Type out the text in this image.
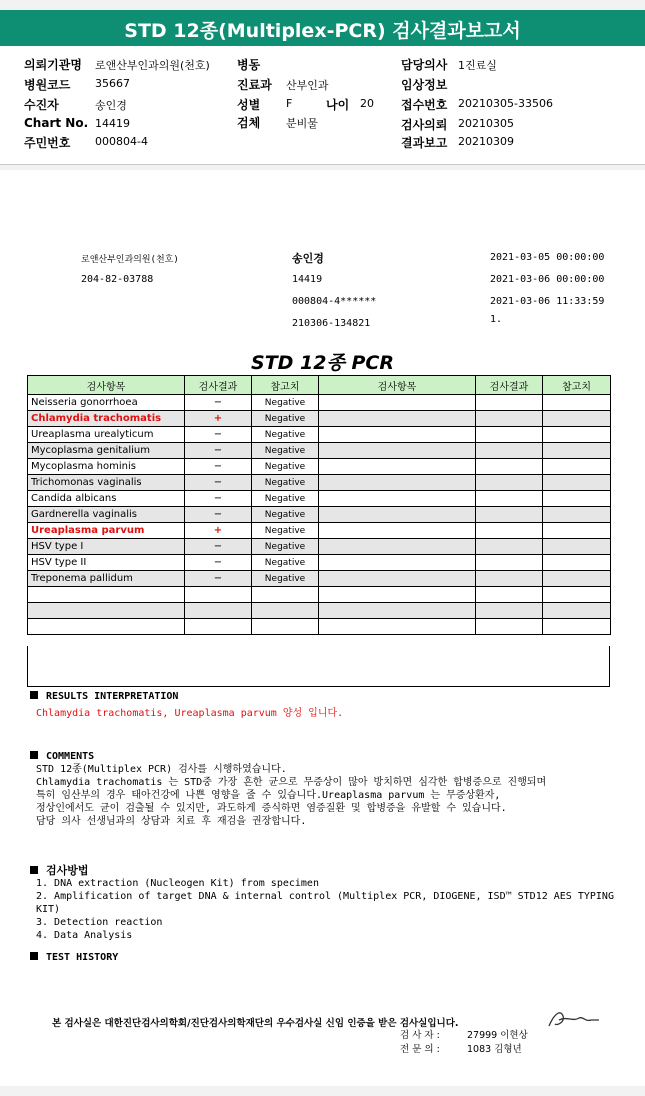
STD 12종(Multiplex-PCR) 검사결과보고서
의뢰기관명 로앤산부인과의원(천호) 병동	담당의사 1진료실
병원코드 35667	진료과 산부인과	임상정보
수진자	송인경	성별 F	나이 20 접수번호 20210305-33506
Chart No. 14419	검체 분비물	검사의뢰 20210305
주민번호 000804-4	결과보고 20210309
로앤산부인과의원(천호)
204-82-03788
송인경
14419
000804-4******
210306-134821
2021-03-05 00:00:00
2021-03-06 00:00:00
2021-03-06 11:33:59
1.
STD 12종 PCR
검사항목	검사결과	참고치	검사항목	검사결과	참고치
Neisseria gonorrhoea	−	Negative			
Chlamydia trachomatis	+	Negative			
Ureaplasma urealyticum	−	Negative			
Mycoplasma genitalium	−	Negative			
Mycoplasma hominis	−	Negative			
Trichomonas vaginalis	−	Negative			
Candida albicans	−	Negative			
Gardnerella vaginalis	−	Negative			
Ureaplasma parvum	+	Negative			
HSV type I	−	Negative			
HSV type II	−	Negative			
Treponema pallidum	−	Negative			

RESULTS INTERPRETATION
Chlamydia trachomatis, Ureaplasma parvum 양성 입니다.
COMMENTS
STD 12종(Multiplex PCR) 검사를 시행하였습니다.
Chlamydia trachomatis 는 STD중 가장 흔한 균으로 무증상이 많아 방치하면 심각한 합병증으로 진행되며
특히 임산부의 경우 태아건강에 나쁜 영향을 줄 수 있습니다.Ureaplasma parvum 는 무증상환자,
정상인에서도 균이 검출될 수 있지만, 과도하게 증식하면 염증질환 및 합병증을 유발할 수 있습니다.
담당 의사 선생님과의 상담과 치료 후 재검을 권장합니다.
검사방법
1. DNA extraction (Nucleogen Kit) from specimen
2. Amplification of target DNA & internal control (Multiplex PCR, DIOGENE, ISD™ STD12 AES TYPING
KIT)
3. Detection reaction
4. Data Analysis
TEST HISTORY
본 검사실은 대한진단검사의학회/진단검사의학재단의 우수검사실 신임 인증을 받은 검사실입니다.
검 사 자 :	27999 이현상
전 문 의 :	1083 김형년
